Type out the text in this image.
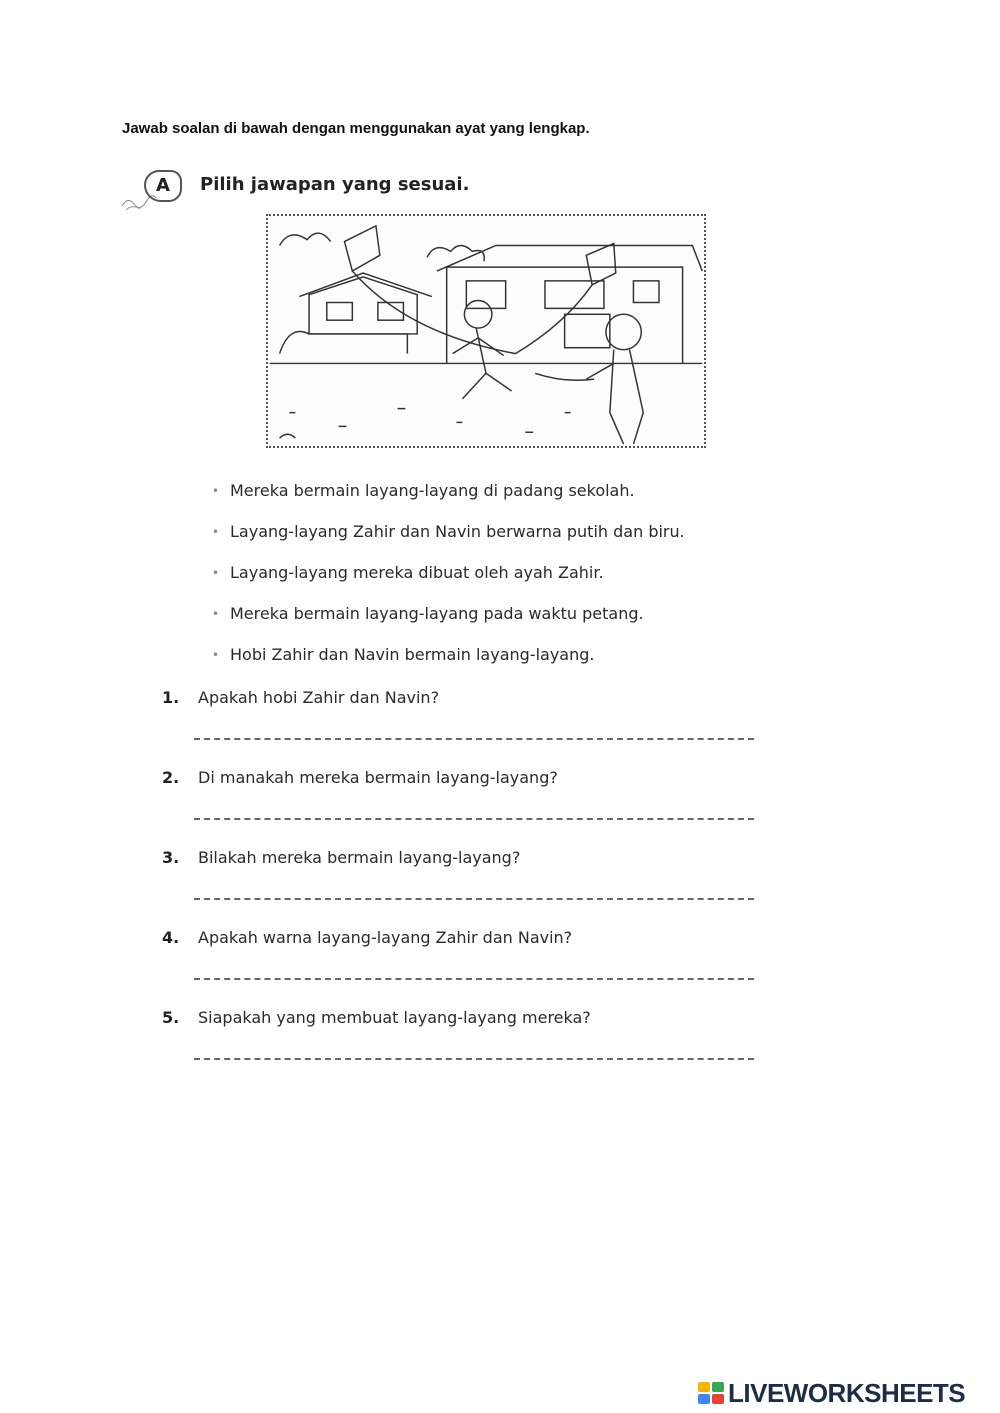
Jawab soalan di bawah dengan menggunakan ayat yang lengkap.
A	Pilih jawapan yang sesuai.
• Mereka bermain layang-layang di padang sekolah.
• Layang-layang Zahir dan Navin berwarna putih dan biru.
• Layang-layang mereka dibuat oleh ayah Zahir.
• Mereka bermain layang-layang pada waktu petang.
• Hobi Zahir dan Navin bermain layang-layang.
1. Apakah hobi Zahir dan Navin?
2. Di manakah mereka bermain layang-layang?
3. Bilakah mereka bermain layang-layang?
4. Apakah warna layang-layang Zahir dan Navin?
5. Siapakah yang membuat layang-layang mereka?
LIVEWORKSHEETS
